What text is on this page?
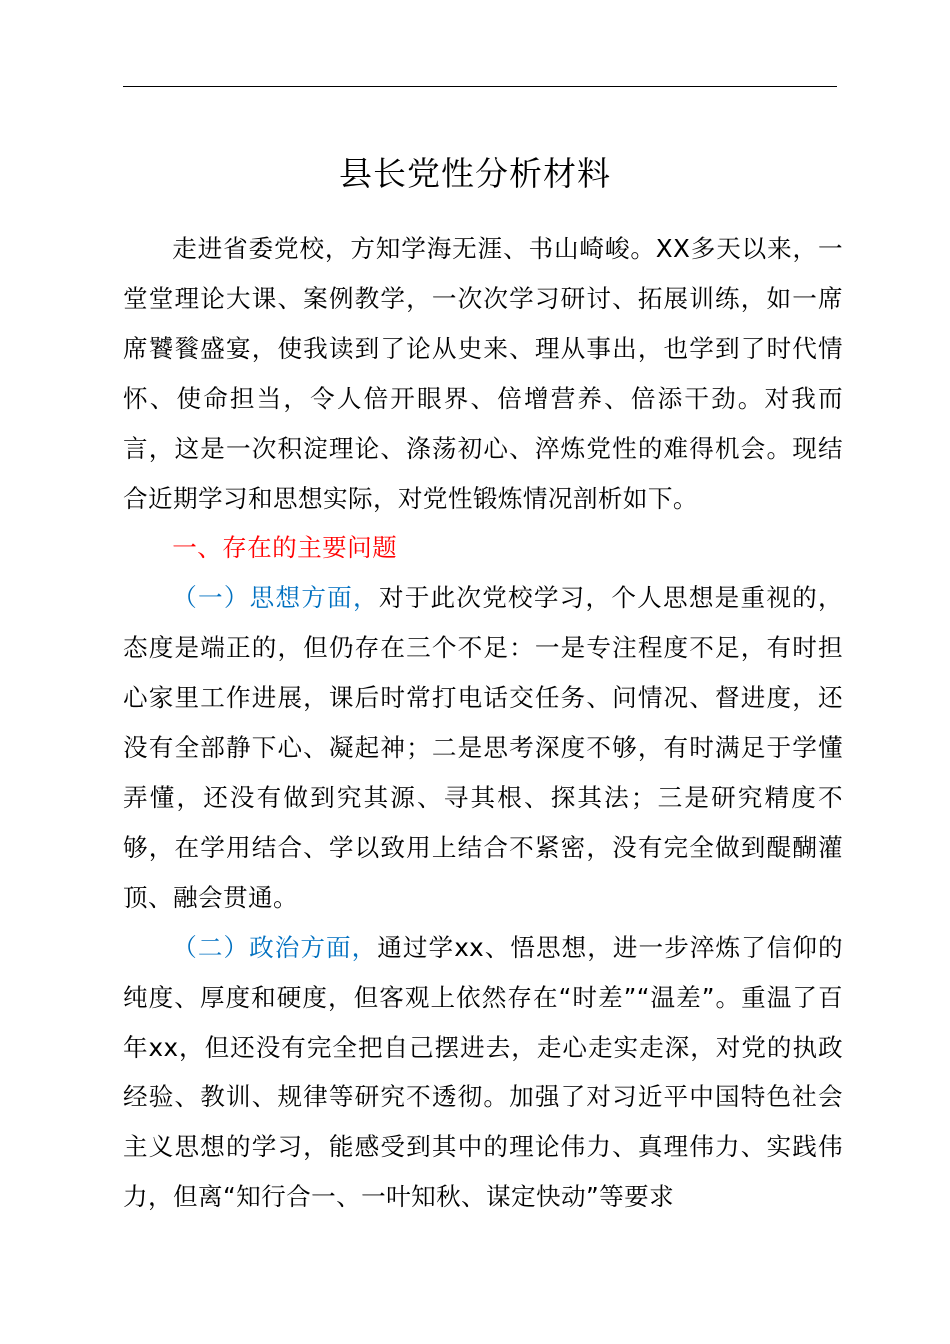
县长党性分析材料

走进省委党校，方知学海无涯、书山崎峻。XX多天以来，一堂堂理论大课、案例教学，一次次学习研讨、拓展训练，如一席席饕餮盛宴，使我读到了论从史来、理从事出，也学到了时代情怀、使命担当，令人倍开眼界、倍增营养、倍添干劲。对我而言，这是一次积淀理论、涤荡初心、淬炼党性的难得机会。现结合近期学习和思想实际，对党性锻炼情况剖析如下。

一、存在的主要问题

（一）思想方面，对于此次党校学习，个人思想是重视的，态度是端正的，但仍存在三个不足：一是专注程度不足，有时担心家里工作进展，课后时常打电话交任务、问情况、督进度，还没有全部静下心、凝起神；二是思考深度不够，有时满足于学懂弄懂，还没有做到究其源、寻其根、探其法；三是研究精度不够，在学用结合、学以致用上结合不紧密，没有完全做到醍醐灌顶、融会贯通。

（二）政治方面，通过学xx、悟思想，进一步淬炼了信仰的纯度、厚度和硬度，但客观上依然存在“时差”“温差”。重温了百年xx，但还没有完全把自己摆进去，走心走实走深，对党的执政经验、教训、规律等研究不透彻。加强了对习近平中国特色社会主义思想的学习，能感受到其中的理论伟力、真理伟力、实践伟力，但离“知行合一、一叶知秋、谋定快动”等要求
